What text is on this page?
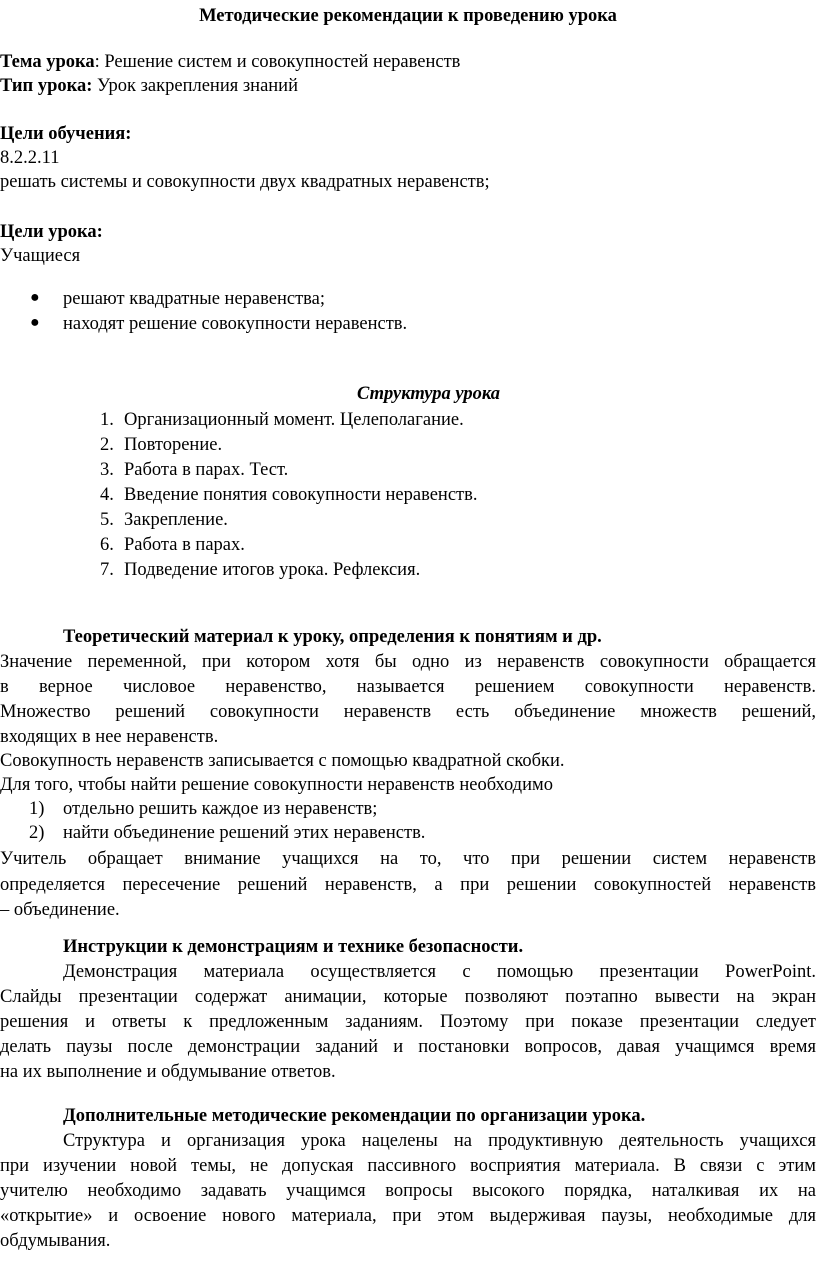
Методические рекомендации к проведению урока
Тема урока: Решение систем и совокупностей неравенств
Тип урока: Урок закрепления знаний
Цели обучения:
8.2.2.11
решать системы и совокупности двух квадратных неравенств;
Цели урока:
Учащиеся
● решают квадратные неравенства;
● находят решение совокупности неравенств.
Структура урока
1. Организационный момент. Целеполагание.
2. Повторение.
3. Работа в парах. Тест.
4. Введение понятия совокупности неравенств.
5. Закрепление.
6. Работа в парах.
7. Подведение итогов урока. Рефлексия.
Теоретический материал к уроку, определения к понятиям и др.
Значение переменной, при котором хотя бы одно из неравенств совокупности обращается
в верное числовое неравенство, называется решением совокупности неравенств.
Множество решений совокупности неравенств есть объединение множеств решений,
входящих в нее неравенств.
Совокупность неравенств записывается с помощью квадратной скобки.
Для того, чтобы найти решение совокупности неравенств необходимо
1) отдельно решить каждое из неравенств;
2) найти объединение решений этих неравенств.
Учитель обращает внимание учащихся на то, что при решении систем неравенств
определяется пересечение решений неравенств, а при решении совокупностей неравенств
– объединение.
Инструкции к демонстрациям и технике безопасности.
Демонстрация материала осуществляется с помощью презентации PowerPoint.
Слайды презентации содержат анимации, которые позволяют поэтапно вывести на экран
решения и ответы к предложенным заданиям. Поэтому при показе презентации следует
делать паузы после демонстрации заданий и постановки вопросов, давая учащимся время
на их выполнение и обдумывание ответов.
Дополнительные методические рекомендации по организации урока.
Структура и организация урока нацелены на продуктивную деятельность учащихся
при изучении новой темы, не допуская пассивного восприятия материала. В связи с этим
учителю необходимо задавать учащимся вопросы высокого порядка, наталкивая их на
«открытие» и освоение нового материала, при этом выдерживая паузы, необходимые для
обдумывания.
